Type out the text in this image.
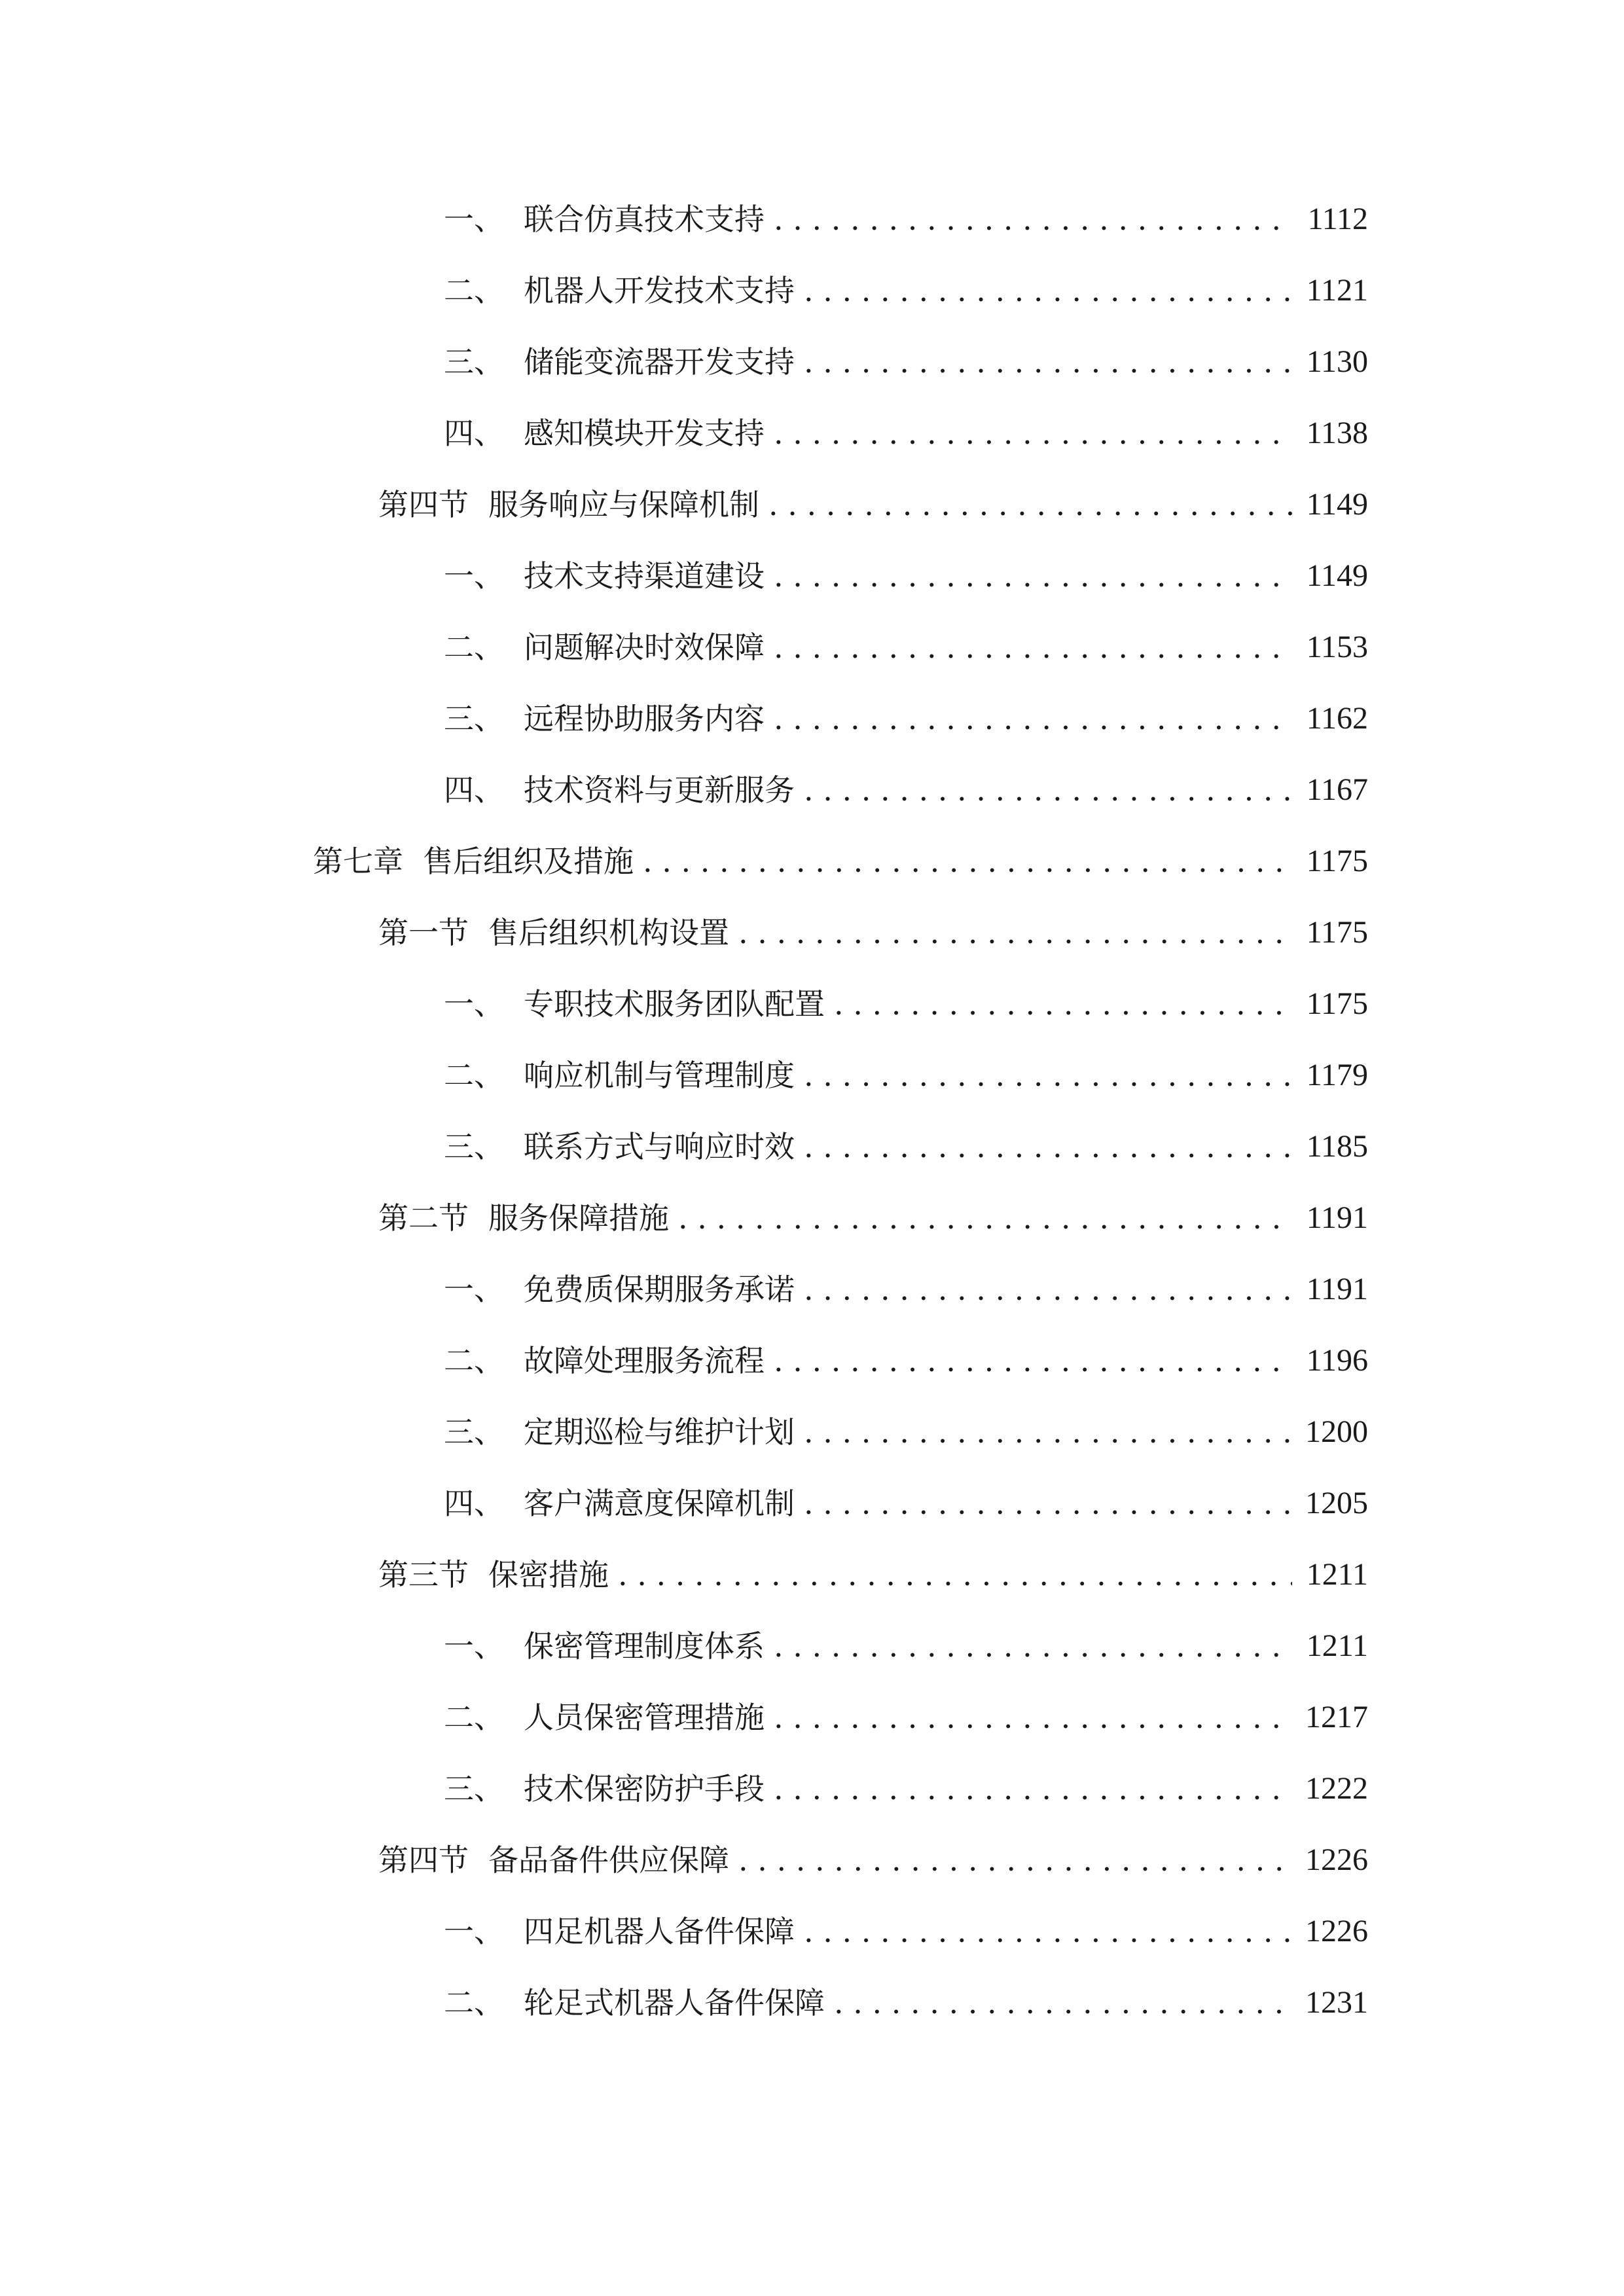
一、 联合仿真技术支持 . . .	1112
二、 机器人开发技术支持 . . .	1121
三、 储能变流器开发支持 . . .	1130
四、 感知模块开发支持 . . .	1138
第四节 服务响应与保障机制 . . .	1149
一、 技术支持渠道建设 . . .	1149
二、 问题解决时效保障 . . .	1153
三、 远程协助服务内容 . . .	1162
四、 技术资料与更新服务 . . .	1167
第七章 售后组织及措施 . . .	1175
第一节 售后组织机构设置 . . .	1175
一、 专职技术服务团队配置 . . .	1175
二、 响应机制与管理制度 . . .	1179
三、 联系方式与响应时效 . . .	1185
第二节 服务保障措施 . . .	1191
一、 免费质保期服务承诺 . . .	1191
二、 故障处理服务流程 . . .	1196
三、 定期巡检与维护计划 . . .	1200
四、 客户满意度保障机制 . . .	1205
第三节 保密措施 . . .	1211
一、 保密管理制度体系 . . .	1211
二、 人员保密管理措施 . . .	1217
三、 技术保密防护手段 . . .	1222
第四节 备品备件供应保障 . . .	1226
一、 四足机器人备件保障 . . .	1226
二、 轮足式机器人备件保障 . . .	1231
